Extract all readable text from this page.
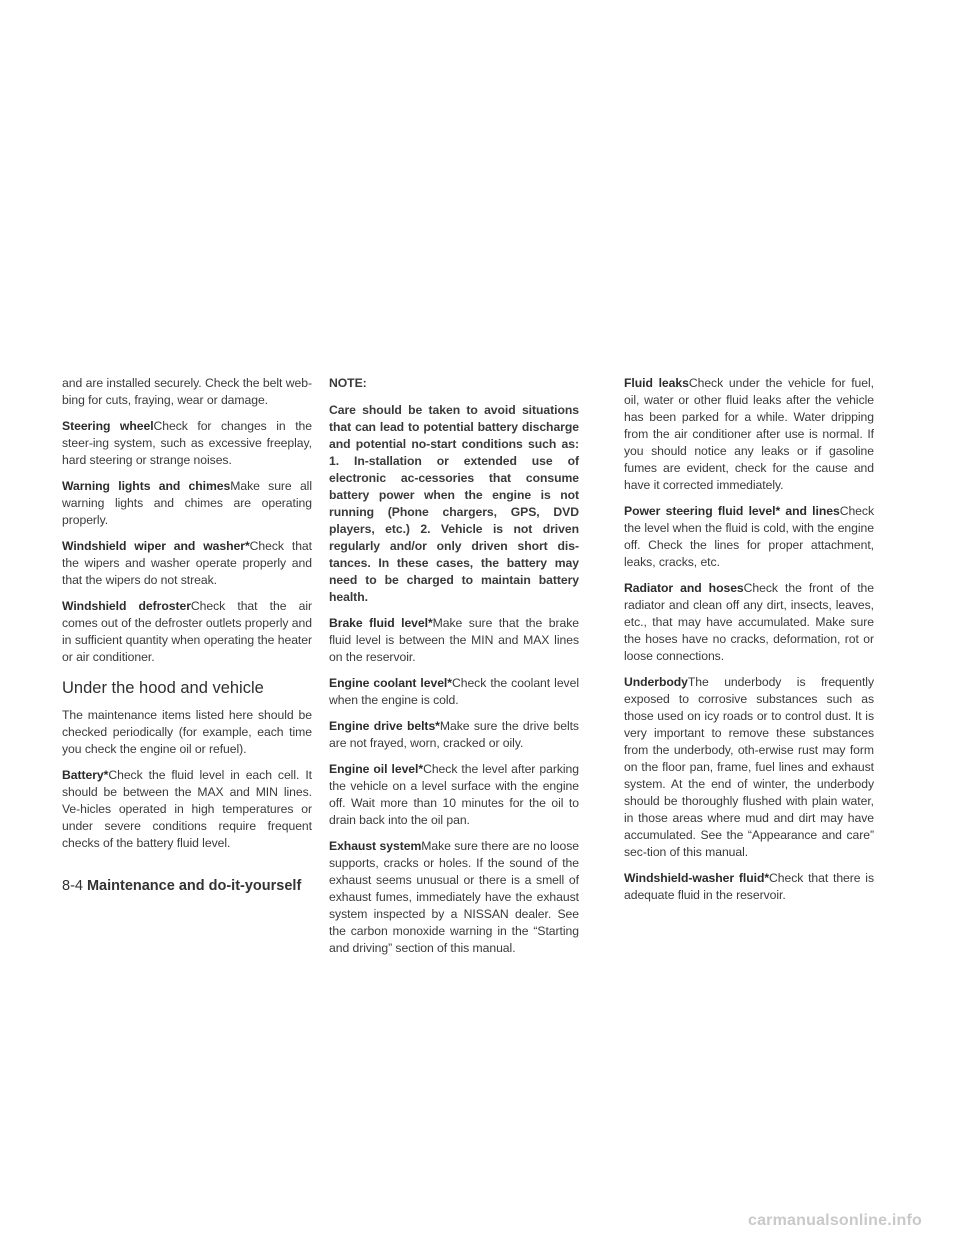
and are installed securely. Check the belt web-bing for cuts, fraying, wear or damage.

Steering wheelCheck for changes in the steer-ing system, such as excessive freeplay, hard steering or strange noises.

Warning lights and chimesMake sure all warning lights and chimes are operating properly.

Windshield wiper and washer*Check that the wipers and washer operate properly and that the wipers do not streak.

Windshield defrosterCheck that the air comes out of the defroster outlets properly and in sufficient quantity when operating the heater or air conditioner.

Under the hood and vehicle

The maintenance items listed here should be checked periodically (for example, each time you check the engine oil or refuel).

Battery*Check the fluid level in each cell. It should be between the MAX and MIN lines. Ve-hicles operated in high temperatures or under severe conditions require frequent checks of the battery fluid level.

NOTE:
Care should be taken to avoid situations that can lead to potential battery discharge and potential no-start conditions such as: 1. In-stallation or extended use of electronic ac-cessories that consume battery power when the engine is not running (Phone chargers, GPS, DVD players, etc.) 2. Vehicle is not driven regularly and/or only driven short dis-tances. In these cases, the battery may need to be charged to maintain battery health.

Brake fluid level*Make sure that the brake fluid level is between the MIN and MAX lines on the reservoir.

Engine coolant level*Check the coolant level when the engine is cold.

Engine drive belts*Make sure the drive belts are not frayed, worn, cracked or oily.

Engine oil level*Check the level after parking the vehicle on a level surface with the engine off. Wait more than 10 minutes for the oil to drain back into the oil pan.

Exhaust systemMake sure there are no loose supports, cracks or holes. If the sound of the exhaust seems unusual or there is a smell of exhaust fumes, immediately have the exhaust system inspected by a NISSAN dealer. See the carbon monoxide warning in the “Starting and driving” section of this manual.

Fluid leaksCheck under the vehicle for fuel, oil, water or other fluid leaks after the vehicle has been parked for a while. Water dripping from the air conditioner after use is normal. If you should notice any leaks or if gasoline fumes are evident, check for the cause and have it corrected immediately.

Power steering fluid level* and linesCheck the level when the fluid is cold, with the engine off. Check the lines for proper attachment, leaks, cracks, etc.

Radiator and hosesCheck the front of the radiator and clean off any dirt, insects, leaves, etc., that may have accumulated. Make sure the hoses have no cracks, deformation, rot or loose connections.

UnderbodyThe underbody is frequently exposed to corrosive substances such as those used on icy roads or to control dust. It is very important to remove these substances from the underbody, oth-erwise rust may form on the floor pan, frame, fuel lines and exhaust system. At the end of winter, the underbody should be thoroughly flushed with plain water, in those areas where mud and dirt may have accumulated. See the “Appearance and care” sec-tion of this manual.

Windshield-washer fluid*Check that there is adequate fluid in the reservoir.

8-4 Maintenance and do-it-yourself
carmanualsonline.info
